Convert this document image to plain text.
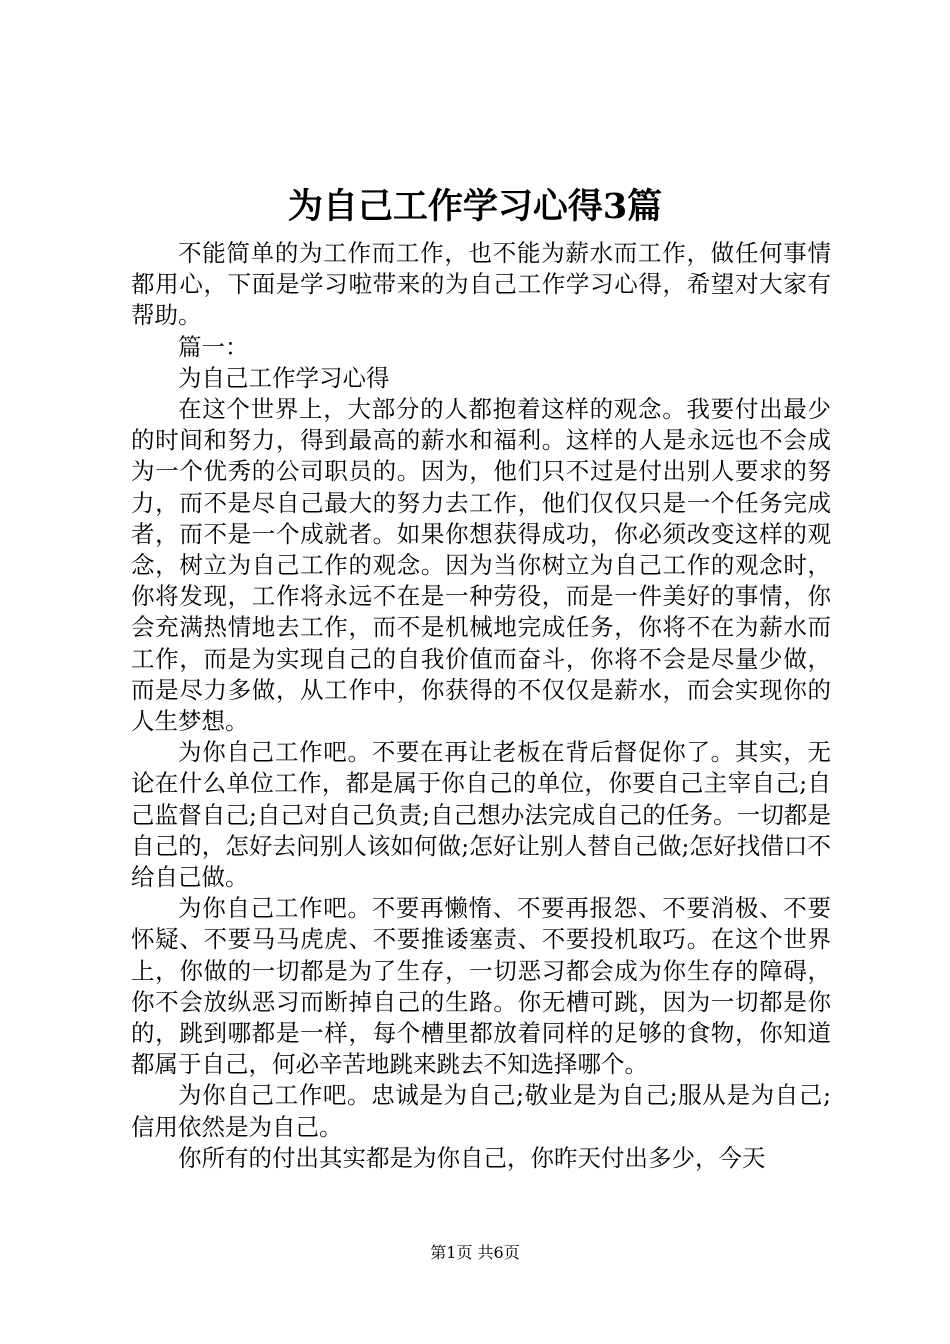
为自己工作学习心得3篇

不能简单的为工作而工作，也不能为薪水而工作，做任何事情都用心，下面是学习啦带来的为自己工作学习心得，希望对大家有帮助。

篇一：

为自己工作学习心得

在这个世界上，大部分的人都抱着这样的观念。我要付出最少的时间和努力，得到最高的薪水和福利。这样的人是永远也不会成为一个优秀的公司职员的。因为，他们只不过是付出别人要求的努力，而不是尽自己最大的努力去工作，他们仅仅只是一个任务完成者，而不是一个成就者。如果你想获得成功，你必须改变这样的观念，树立为自己工作的观念。因为当你树立为自己工作的观念时，你将发现，工作将永远不在是一种劳役，而是一件美好的事情，你会充满热情地去工作，而不是机械地完成任务，你将不在为薪水而工作，而是为实现自己的自我价值而奋斗，你将不会是尽量少做，而是尽力多做，从工作中，你获得的不仅仅是薪水，而会实现你的人生梦想。

为你自己工作吧。不要在再让老板在背后督促你了。其实，无论在什么单位工作，都是属于你自己的单位，你要自己主宰自己;自己监督自己;自己对自己负责;自己想办法完成自己的任务。一切都是自己的，怎好去问别人该如何做;怎好让别人替自己做;怎好找借口不给自己做。

为你自己工作吧。不要再懒惰、不要再报怨、不要消极、不要怀疑、不要马马虎虎、不要推诿塞责、不要投机取巧。在这个世界上，你做的一切都是为了生存，一切恶习都会成为你生存的障碍，你不会放纵恶习而断掉自己的生路。你无槽可跳，因为一切都是你的，跳到哪都是一样，每个槽里都放着同样的足够的食物，你知道都属于自己，何必辛苦地跳来跳去不知选择哪个。

为你自己工作吧。忠诚是为自己;敬业是为自己;服从是为自己;信用依然是为自己。

你所有的付出其实都是为你自己，你昨天付出多少，今天

第1页 共6页
